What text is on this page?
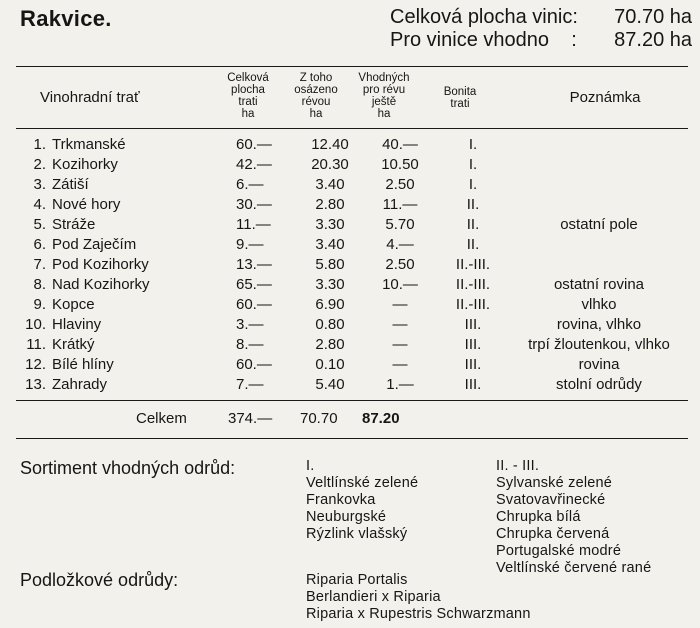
Rakvice.	Celková plocha vinic:	70.70 ha
Pro vinice vhodno    :	87.20 ha
Vinohradní trať
Celková
plocha
trati
ha
Z toho
osázeno
révou
ha
Vhodných
pro révu
ještě
ha
Bonita
trati	Poznámka
1.	Trkmanské	60.—	12.40	40.—	I.	
2.	Kozihorky	42.—	20.30	10.50	I.	
3.	Zátiší	6.—	3.40	2.50	I.	
4.	Nové hory	30.—	2.80	11.—	II.	
5.	Stráže	11.—	3.30	5.70	II.	ostatní pole
6.	Pod Zaječím	9.—	3.40	4.—	II.	
7.	Pod Kozihorky	13.—	5.80	2.50	II.-III.	
8.	Nad Kozihorky	65.—	3.30	10.—	II.-III.	ostatní rovina
9.	Kopce	60.—	6.90	—	II.-III.	vlhko
10.	Hlaviny	3.—	0.80	—	III.	rovina, vlhko
11.	Krátký	8.—	2.80	—	III.	trpí žloutenkou, vlhko
12.	Bílé hlíny	60.—	0.10	—	III.	rovina
13.	Zahrady	7.—	5.40	1.—	III.	stolní odrůdy
Celkem	374.— 70.70 87.20
Sortiment vhodných odrůd:	I.
Veltlínské zelené
Frankovka
Neuburgské
Rýzlink vlašský
II. - III.
Sylvanské zelené
Svatovavřinecké
Chrupka bílá
Chrupka červená
Portugalské modré
Veltlínské červené rané
Podložkové odrůdy:	Riparia Portalis
Berlandieri x Riparia
Riparia x Rupestris Schwarzmann
